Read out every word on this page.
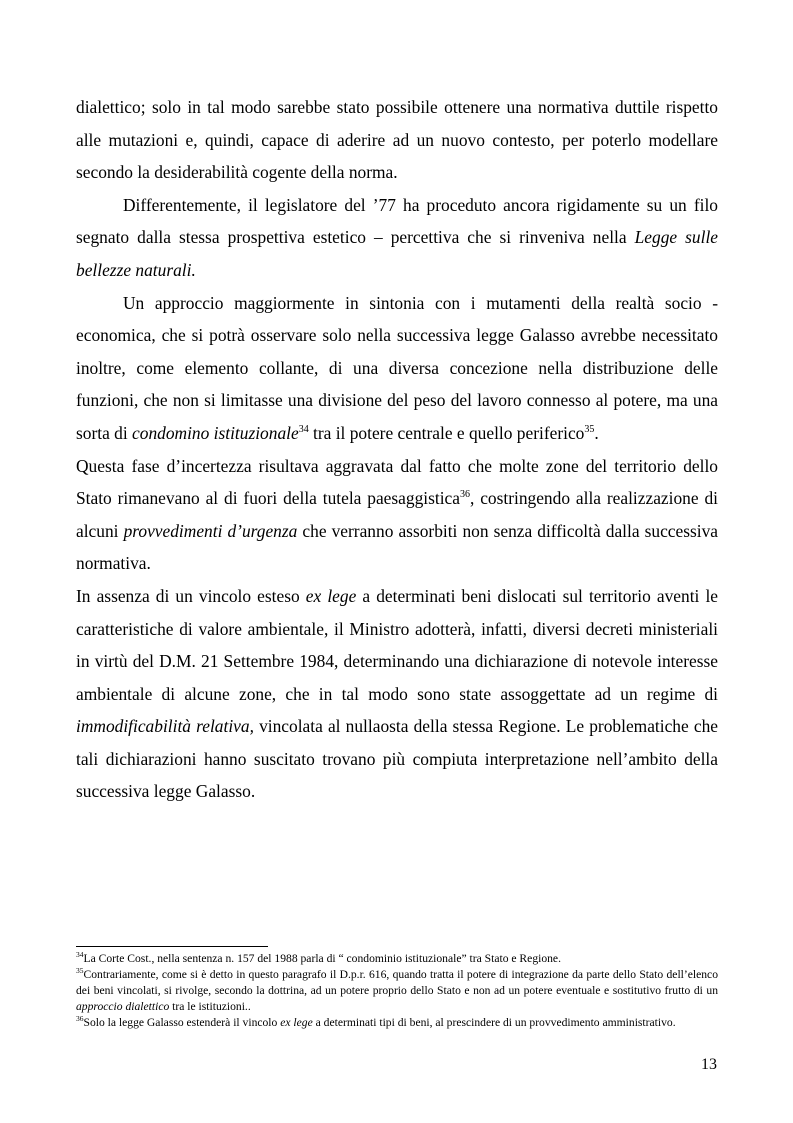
dialettico; solo in tal modo sarebbe stato possibile ottenere una normativa duttile rispetto alle mutazioni e, quindi, capace di aderire ad un nuovo contesto, per poterlo modellare secondo la desiderabilità cogente della norma.

Differentemente, il legislatore del ’77 ha proceduto ancora rigidamente su un filo segnato dalla stessa prospettiva estetico – percettiva che si rinveniva nella Legge sulle bellezze naturali.

Un approccio maggiormente in sintonia con i mutamenti della realtà socio - economica, che si potrà osservare solo nella successiva legge Galasso avrebbe necessitato inoltre, come elemento collante, di una diversa concezione nella distribuzione delle funzioni, che non si limitasse una divisione del peso del lavoro connesso al potere, ma una sorta di condomino istituzionale$^{34}$ tra il potere centrale e quello periferico$^{35}$.

Questa fase d’incertezza risultava aggravata dal fatto che molte zone del territorio dello Stato rimanevano al di fuori della tutela paesaggistica$^{36}$, costringendo alla realizzazione di alcuni provvedimenti d’urgenza che verranno assorbiti non senza difficoltà dalla successiva normativa.

In assenza di un vincolo esteso ex lege a determinati beni dislocati sul territorio aventi le caratteristiche di valore ambientale, il Ministro adotterà, infatti, diversi decreti ministeriali in virtù del D.M. 21 Settembre 1984, determinando una dichiarazione di notevole interesse ambientale di alcune zone, che in tal modo sono state assoggettate ad un regime di immodificabilità relativa, vincolata al nullaosta della stessa Regione. Le problematiche che tali dichiarazioni hanno suscitato trovano più compiuta interpretazione nell’ambito della successiva legge Galasso.

$^{34}$La Corte Cost., nella sentenza n. 157 del 1988 parla di “ condominio istituzionale” tra Stato e Regione.

$^{35}$Contrariamente, come si è detto in questo paragrafo il D.p.r. 616, quando tratta il potere di integrazione da parte dello Stato dell’elenco dei beni vincolati, si rivolge, secondo la dottrina, ad un potere proprio dello Stato e non ad un potere eventuale e sostitutivo frutto di un approccio dialettico tra le istituzioni..

$^{36}$Solo la legge Galasso estenderà il vincolo ex lege a determinati tipi di beni, al prescindere di un provvedimento amministrativo.

13
